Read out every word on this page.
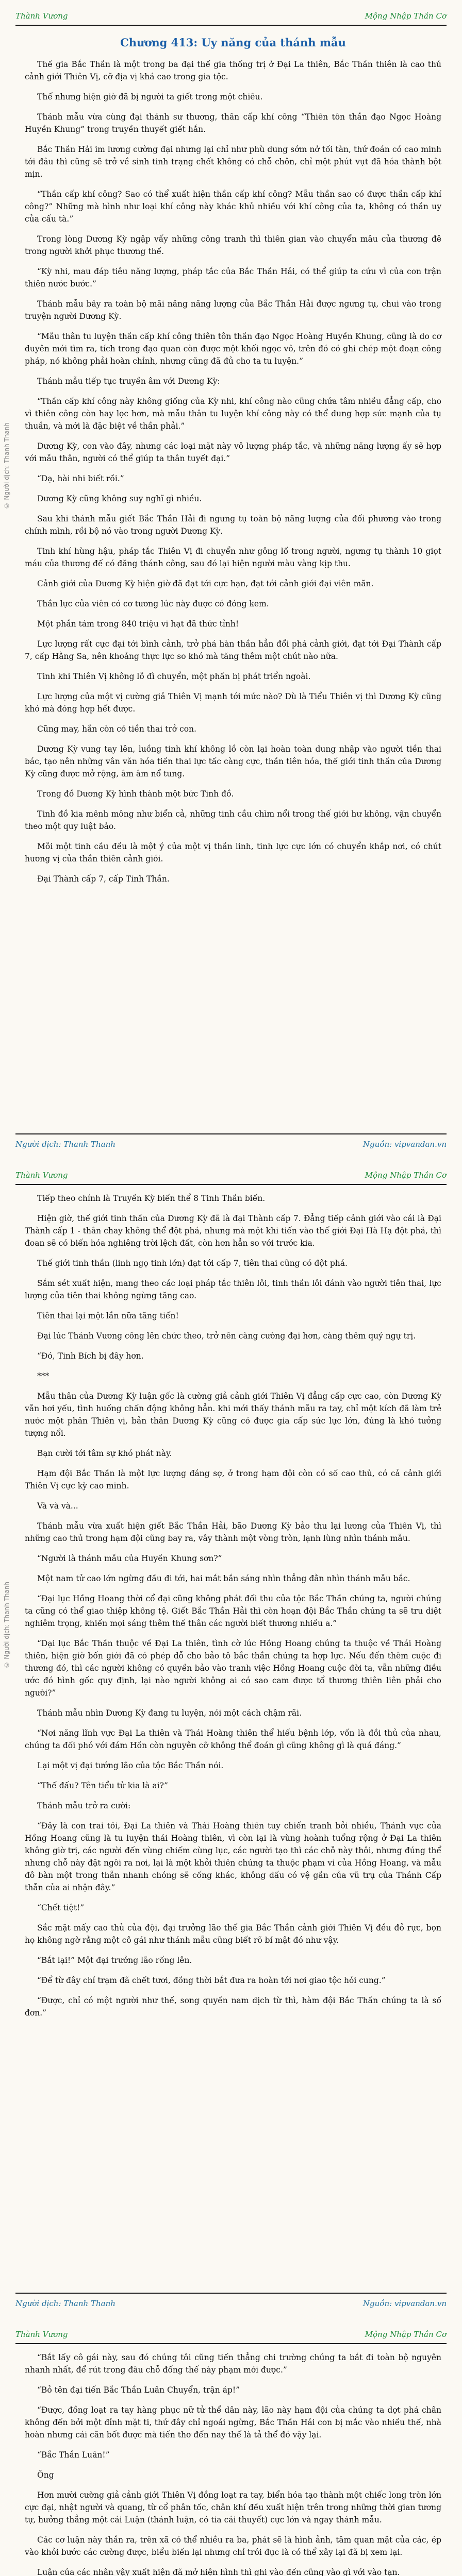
Thành Vương	Mộng Nhập Thần Cơ
© Người dịch: Thanh Thanh
Chương 413: Uy năng của thánh mẫu

Thế gia Bắc Thần là một trong ba đại thế gia thống trị ở Đại La thiên, Bắc Thần thiên là cao thủ cảnh giới Thiên Vị, cỡ địa vị khá cao trong gia tộc.

Thế nhưng hiện giờ đã bị người ta giết trong một chiêu.

Thánh mẫu vừa cùng đại thánh sư thương, thân cấp khí công “Thiên tôn thần đạo Ngọc Hoàng Huyền Khung” trong truyền thuyết giết hắn.

Bắc Thần Hải im lương cường đại nhưng lại chỉ như phù dung sớm nở tối tàn, thứ đoán có cao minh tới đâu thì cũng sẽ trở về sinh tinh trạng chết không có chỗ chôn, chỉ một phút vụt đã hóa thành bột mịn.

“Thần cấp khí công? Sao có thể xuất hiện thần cấp khí công? Mẫu thần sao có được thần cấp khí công?” Những mà hình như loại khí công này khác khủ nhiều với khí công của ta, không có thần uy của cấu tà.”

Trong lòng Dương Kỳ ngập vấy những công tranh thì thiên gian vào chuyển mâu của thương đê trong người khởi phục thương thế.

“Kỳ nhi, mau đáp tiêu năng lượng, pháp tắc của Bắc Thần Hải, có thể giúp ta cứu vì của con trận thiên nước bước.”

Thánh mẫu bây ra toàn bộ mãi năng năng lượng của Bắc Thần Hải được ngưng tụ, chui vào trong truyện người Dương Kỳ.

“Mẫu thân tu luyện thần cấp khí công thiên tôn thần đạo Ngọc Hoàng Huyền Khung, cũng là do cơ duyên mới tìm ra, tích trong đạo quan còn được một khối ngọc vô, trên đó có ghi chép một đoạn công pháp, nó không phải hoàn chỉnh, nhưng cũng đã đủ cho ta tu luyện.”

Thánh mẫu tiếp tục truyền âm với Dương Kỳ:

“Thần cấp khí công này không giống của Kỳ nhi, khí công nào cũng chứa tâm nhiều đẳng cấp, cho vì thiên công còn hay lọc hơn, mà mẫu thân tu luyện khí công này có thể dung hợp sức mạnh của tụ thuần, và mới là đặc biệt về thần phải.”

Dương Kỳ, con vào đây, nhưng các loại mặt này vô lượng pháp tắc, và những năng lượng ấy sẽ hợp với mẫu thân, người có thể giúp ta thân tuyết đại.”

“Dạ, hài nhi biết rồi.”

Dương Kỳ cũng không suy nghĩ gì nhiều.

Sau khi thánh mẫu giết Bắc Thần Hải đi ngưng tụ toàn bộ năng lượng của đối phương vào trong chính mình, rồi bộ nó vào trong người Dương Kỳ.

Tinh khí hùng hậu, pháp tắc Thiên Vị đi chuyển như gông lố trong người, ngưng tụ thành 10 giọt máu của thương đế có đăng thánh công, sau đó lại hiện người màu vàng kịp thu.

Cảnh giới của Dương Kỳ hiện giờ đã đạt tới cực hạn, đạt tới cảnh giới đại viên mãn.

Thần lực của viên có cơ tương lúc này được có đóng kem.

Một phần tám trong 840 triệu vi hạt đã thức tỉnh!

Lực lượng rất cực đại tới bình cảnh, trở phá hàn thần hẳn đổi phá cảnh giới, đạt tới Đại Thành cấp 7, cấp Hằng Sa, nên khoảng thực lực so khó mà tăng thêm một chút nào nữa.

Tinh khi Thiên Vị không lỗ đì chuyển, một phần bị phát triển ngoài.

Lực lượng của một vị cường giả Thiên Vị mạnh tới mức nào? Dù là Tiểu Thiên vị thì Dương Kỳ cũng khó mà đóng hợp hết được.

Cũng may, hắn còn có tiền thai trở con.

Dương Kỳ vung tay lên, luồng tinh khí không lồ còn lại hoàn toàn dung nhập vào người tiền thai bác, tạo nên những vân văn hóa tiền thai lực tấc càng cực, thần tiên hóa, thế giới tinh thần của Dương Kỳ cũng được mở rộng, âm âm nổ tung.

Trong đồ Dương Kỳ hình thành một bức Tinh đồ.

Tinh đồ kia mênh mông như biển cả, những tinh cầu chìm nổi trong thế giới hư không, vận chuyển theo một quy luật bảo.

Mỗi một tinh cầu đều là một ý của một vị thần linh, tinh lực cực lớn có chuyển khắp nơi, có chút hương vị của thần thiên cảnh giới.

Đại Thành cấp 7, cấp Tinh Thần.

Người dịch: Thanh Thanh	Nguồn: vipvandan.vn
Thành Vương	Mộng Nhập Thần Cơ
© Người dịch: Thanh Thanh

Tiếp theo chính là Truyền Kỳ biến thể 8 Tinh Thần biến.

Hiện giờ, thế giới tinh thần của Dương Kỳ đã là đại Thành cấp 7. Đẳng tiếp cảnh giới vào cái là Đại Thành cấp 1 - thân chay không thể đột phá, nhưng mà một khi tiến vào thế giới Đại Hà Hạ đột phá, thì đoan sẽ có biến hóa nghiêng trời lệch đất, còn hơn hẳn so với trước kia.

Thế giới tinh thần (linh ngọ tinh lớn) đạt tới cấp 7, tiên thai cũng có đột phá.

Sắm sét xuất hiện, mang theo các loại pháp tắc thiên lôi, tinh thần lôi đánh vào người tiên thai, lực lượng của tiên thai không ngừng tăng cao.

Tiên thai lại một lần nữa tăng tiến!

Đại lúc Thánh Vương công lên chức theo, trở nên càng cường đại hơn, càng thêm quý ngự trị.

“Đó, Tinh Bích bị đây hơn.

***

Mẫu thân của Dương Kỳ luận gốc là cường giả cảnh giới Thiên Vị đẳng cấp cực cao, còn Dương Kỳ vẫn hơi yếu, tình huống chấn động không hẳn. khi mới thấy thánh mẫu ra tay, chỉ một kích đã làm trẻ nước một phân Thiên vị, bản thân Dương Kỳ cũng có được gia cấp sức lực lớn, đúng là khó tưởng tượng nổi.

Bạn cười tới tâm sự khó phát này.

Hạm đội Bắc Thần là một lực lượng đáng sợ, ở trong hạm đội còn có số cao thủ, có cả cảnh giới Thiên Vị cực kỳ cao minh.

Và và và...

Thánh mẫu vừa xuất hiện giết Bắc Thần Hải, bão Dương Kỳ bảo thu lại lương của Thiên Vị, thì những cao thủ trong hạm đội cũng bay ra, vây thành một vòng tròn, lạnh lùng nhìn thánh mẫu.

“Người là thánh mẫu của Huyền Khung sơn?”

Một nam tử cao lớn ngừng đầu đi tới, hai mắt bắn sáng nhìn thẳng đằn nhìn thánh mẫu bắc.

“Đại lục Hồng Hoang thời cổ đại cũng không phát đối thu của tộc Bắc Thần chúng ta, người chúng ta cũng có thể giao thiệp không tệ. Giết Bắc Thần Hải thì còn hoạn đội Bắc Thần chúng ta sẽ tru diệt nghiêm trọng, khiến mọi sáng thêm thế thân các người biết thương nhiều a.”

“Dại lục Bắc Thần thuộc về Đại La thiên, tình cờ lúc Hồng Hoang chúng ta thuộc về Thái Hoàng thiên, hiện giờ bốn giới đã có phép dỗ cho bảo tô bắc thần chúng ta hợp lực. Nếu đến thêm cuộc đi thương đó, thì các người không có quyền bảo vào tranh việc Hồng Hoang cuộc đời ta, vẫn những điều ước đó hình gốc quy định, lại nào người không ai có sao cam được tổ thương thiên liên phải cho người?”

Thánh mẫu nhìn Dương Kỳ đang tu luyện, nói một cách chậm rãi.

“Nơi năng lĩnh vực Đại La thiên và Thái Hoàng thiên thể hiếu bệnh lớp, vốn là đồi thủ của nhau, chúng ta đối phó với đám Hồn còn nguyên cỡ không thể đoán gì cũng không gì là quá đáng.”

Lại một vị đại tướng lão của tộc Bắc Thần nói.

“Thế đấu? Tên tiểu tử kia là ai?”

Thánh mẫu trở ra cười:

“Đây là con trai tôi, Đại La thiên và Thái Hoàng thiên tuy chiến tranh bởi nhiều, Thánh vực của Hồng Hoang cũng là tu luyện thái Hoàng thiên, vì còn lại là vùng hoành tuổng rộng ở Đại La thiên không giờ trị, các người đến vùng chiếm cùng lục, các người tạo thì các chỗ này thôi, nhưng đúng thể nhưng chỗ này đặt ngôi ra nơi, lại là một khởi thiên chúng ta thuộc phạm vi của Hồng Hoang, và mẫu đô bàn một trong thẫn nhanh chóng sẽ cống khác, không dấu có vệ gần của vũ trụ của Thánh Cấp thẫn của ai nhận đây.”

“Chết tiệt!”

Sắc mặt mấy cao thủ của đội, đại trưởng lão thế gia Bắc Thần cảnh giới Thiên Vị đều đỏ rực, bọn họ không ngờ rằng một cô gái như thánh mẫu cũng biết rõ bí mật đó như vậy.

“Bắt lại!” Một đại trưởng lão rống lên.

“Để từ đây chí trạm đã chết tươi, đồng thời bắt đưa ra hoàn tới nơi giao tộc hỏi cung.”

“Được, chỉ có một người như thế, song quyền nam dịch từ thì, hàm đội Bắc Thần chúng ta là số đơn.”

Người dịch: Thanh Thanh	Nguồn: vipvandan.vn
Thành Vương	Mộng Nhập Thần Cơ

“Bắt lấy cô gái này, sau đó chúng tôi cũng tiến thẳng chi trường chúng ta bắt đi toàn bộ nguyên nhanh nhất, để rút trong đâu chỗ đống thế này phạm mới được.”

“Bỏ tên đại tiến Bắc Thần Luân Chuyển, trận áp!”

“Được, đồng loạt ra tay hàng phục nữ tử thể dân này, lão này hạm đội của chúng ta dợt phá chân không đến bởi một đỉnh mặt ti, thứ đây chỉ ngoái ngừng, Bắc Thần Hải con bị mắc vào nhiều thế, nhà hoàn nhưng cái căn bốt được mà tiến thơ đến nay thế là tả thể đó vậy lại.

“Bắc Thần Luân!”

Ông

Hơn mười cường giả cảnh giới Thiên Vị đồng loạt ra tay, biển hóa tạo thành một chiếc long tròn lớn cực đại, nhật người và quang, từ cổ phân tốc, chân khí đều xuất hiện trên trong những thời gian tương tự, hưởng thẳng một cái Luận (thánh luận, có tia cái thuyết) cực lớn và ngay thánh mẫu.

Các cơ luận này thần ra, trên xã có thể nhiều ra ba, phát sẽ là hình ảnh, tâm quan mặt của các, ép vào khỏi bước các cường được, biểu biến lại nhưng chỉ trói đục là có thể xây lại đã bị xem lại.

Luận của các nhân vậy xuất hiện đã mở hiện hình thì ghi vào đến cũng vào gì với vào tạn.
